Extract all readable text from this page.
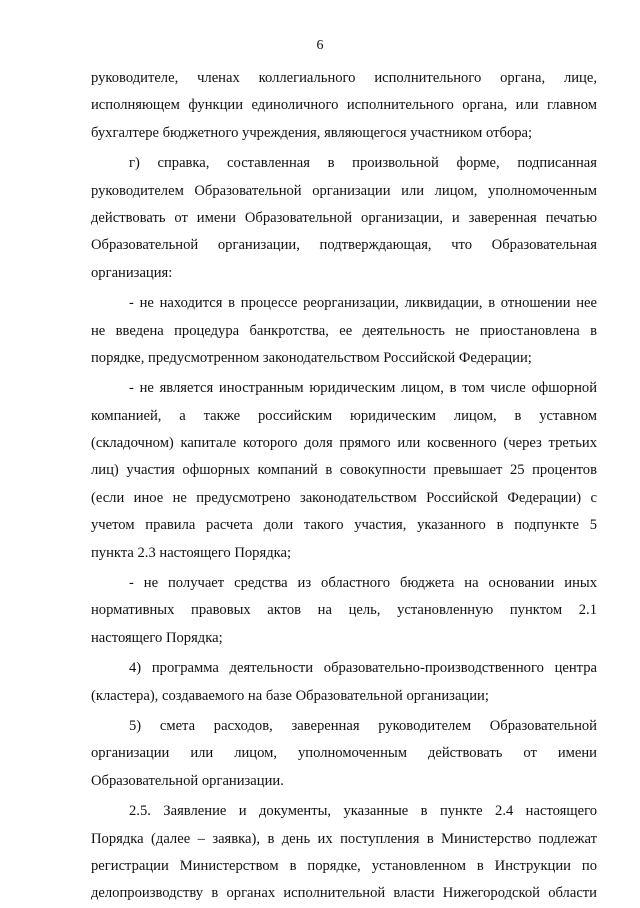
6
руководителе, членах коллегиального исполнительного органа, лице,
исполняющем функции единоличного исполнительного органа, или главном
бухгалтере бюджетного учреждения, являющегося участником отбора;
г) справка, составленная в произвольной форме, подписанная
руководителем Образовательной организации или лицом, уполномоченным
действовать от имени Образовательной организации, и заверенная печатью
Образовательной организации, подтверждающая, что Образовательная
организация:
- не находится в процессе реорганизации, ликвидации, в отношении нее
не введена процедура банкротства, ее деятельность не приостановлена в
порядке, предусмотренном законодательством Российской Федерации;
- не является иностранным юридическим лицом, в том числе офшорной
компанией, а также российским юридическим лицом, в уставном
(складочном) капитале которого доля прямого или косвенного (через третьих
лиц) участия офшорных компаний в совокупности превышает 25 процентов
(если иное не предусмотрено законодательством Российской Федерации) с
учетом правила расчета доли такого участия, указанного в подпункте 5
пункта 2.3 настоящего Порядка;
- не получает средства из областного бюджета на основании иных
нормативных правовых актов на цель, установленную пунктом 2.1
настоящего Порядка;
4) программа деятельности образовательно-производственного центра
(кластера), создаваемого на базе Образовательной организации;
5) смета расходов, заверенная руководителем Образовательной
организации или лицом, уполномоченным действовать от имени
Образовательной организации.
2.5. Заявление и документы, указанные в пункте 2.4 настоящего
Порядка (далее – заявка), в день их поступления в Министерство подлежат
регистрации Министерством в порядке, установленном в Инструкции по
делопроизводству в органах исполнительной власти Нижегородской области
